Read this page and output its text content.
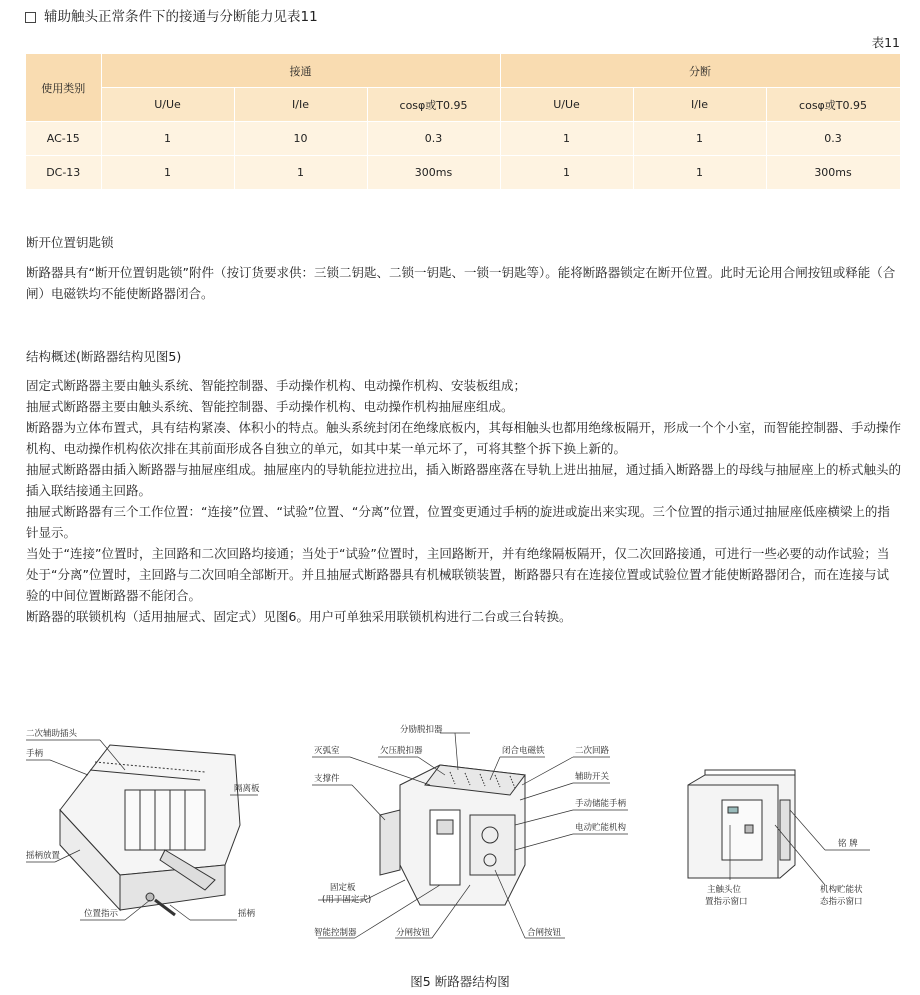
辅助触头正常条件下的接通与分断能力见表11
表11
使用类别	接通			分断		
	U/Ue	I/Ie	cosφ或T0.95	U/Ue	I/Ie	cosφ或T0.95
AC-15	1	10	0.3	1	1	0.3
DC-13	1	1	300ms	1	1	300ms

断开位置钥匙锁

断路器具有“断开位置钥匙锁”附件（按订货要求供：三锁二钥匙、二锁一钥匙、一锁一钥匙等）。能将断路器锁定在断开位置。此时无论用合闸按钮或释能（合闸）电磁铁均不能使断路器闭合。

结构概述(断路器结构见图5)

固定式断路器主要由触头系统、智能控制器、手动操作机构、电动操作机构、安装板组成；

抽屉式断路器主要由触头系统、智能控制器、手动操作机构、电动操作机构抽屉座组成。

断路器为立体布置式，具有结构紧凑、体积小的特点。触头系统封闭在绝缘底板内，其每相触头也都用绝缘板隔开，形成一个个小室，而智能控制器、手动操作机构、电动操作机构依次排在其前面形成各自独立的单元，如其中某一单元坏了，可将其整个拆下换上新的。

抽屉式断路器由插入断路器与抽屉座组成。抽屉座内的导轨能拉进拉出，插入断路器座落在导轨上进出抽屉，通过插入断路器上的母线与抽屉座上的桥式触头的插入联结接通主回路。

抽屉式断路器有三个工作位置：“连接”位置、“试验”位置、“分离”位置，位置变更通过手柄的旋进或旋出来实现。三个位置的指示通过抽屉座低座横梁上的指针显示。

当处于“连接”位置时，主回路和二次回路均接通；当处于“试验”位置时，主回路断开，并有绝缘隔板隔开，仅二次回路接通，可进行一些必要的动作试验；当处于“分离”位置时，主回路与二次回咱全部断开。并且抽屉式断路器具有机械联锁装置，断路器只有在连接位置或试验位置才能使断路器闭合，而在连接与试验的中间位置断路器不能闭合。

断路器的联锁机构（适用抽屉式、固定式）见图6。用户可单独采用联锁机构进行二台或三台转换。

二次辅助插头
手柄
隔离板
摇柄放置
位置指示	摇柄
分励脱扣器
灭弧室	欠压脱扣器	闭合电磁铁	二次回路
支撑件	辅助开关
手动储能手柄
电动贮能机构
固定板
(用于固定式)
智能控制器	分闸按钮	合闸按钮
铭 牌
主触头位
置指示窗口
机构贮能状
态指示窗口
图5 断路器结构图
